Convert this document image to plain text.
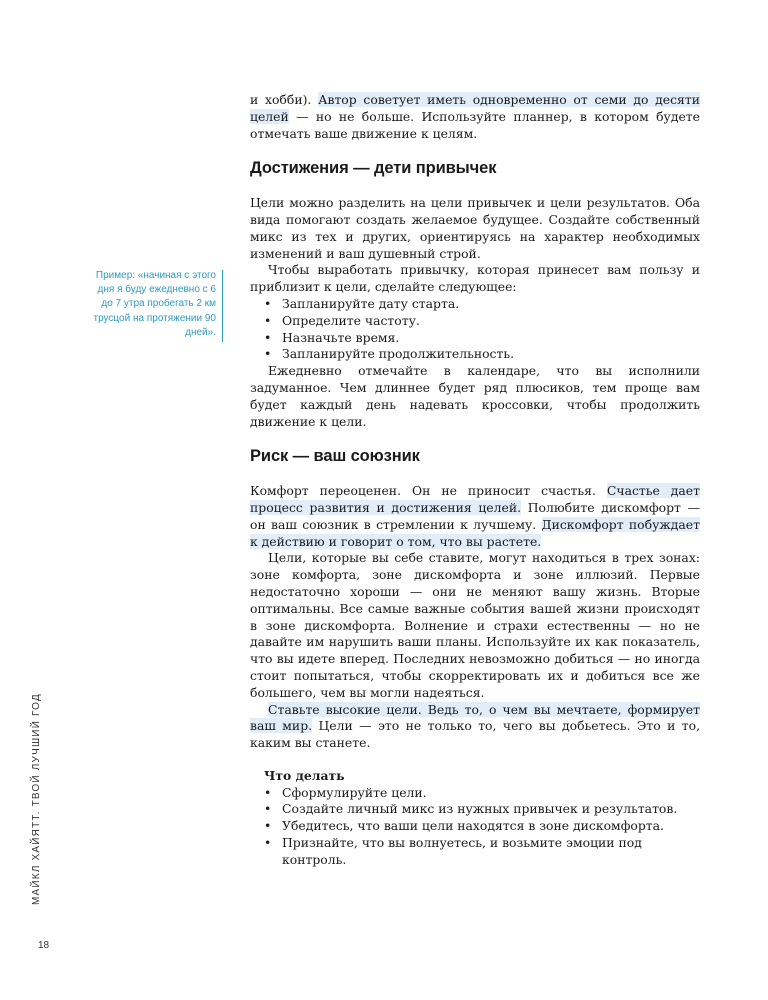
и хобби). Автор советует иметь одновременно от семи до десяти целей — но не больше. Используйте планнер, в котором будете отмечать ваше движение к целям.

Достижения — дети привычек

Цели можно разделить на цели привычек и цели результатов. Оба вида помогают создать желаемое будущее. Создайте собственный микс из тех и других, ориентируясь на характер необходимых изменений и ваш душевный строй.

Чтобы выработать привычку, которая принесет вам пользу и приблизит к цели, сделайте следующее:

• Запланируйте дату старта.
• Определите частоту.
• Назначьте время.
• Запланируйте продолжительность.

Ежедневно отмечайте в календаре, что вы исполнили задуманное. Чем длиннее будет ряд плюсиков, тем проще вам будет каждый день надевать кроссовки, чтобы продолжить движение к цели.

Риск — ваш союзник

Комфорт переоценен. Он не приносит счастья. Счастье дает процесс развития и достижения целей. Полюбите дискомфорт — он ваш союзник в стремлении к лучшему. Дискомфорт побуждает к действию и говорит о том, что вы растете.

Цели, которые вы себе ставите, могут находиться в трех зонах: зоне комфорта, зоне дискомфорта и зоне иллюзий. Первые недостаточно хороши — они не меняют вашу жизнь. Вторые оптимальны. Все самые важные события вашей жизни происходят в зоне дискомфорта. Волнение и страхи естественны — но не давайте им нарушить ваши планы. Используйте их как показатель, что вы идете вперед. Последних невозможно добиться — но иногда стоит попытаться, чтобы скорректировать их и добиться все же большего, чем вы могли надеяться.

Ставьте высокие цели. Ведь то, о чем вы мечтаете, формирует ваш мир. Цели — это не только то, чего вы добьетесь. Это и то, каким вы станете.

Что делать

• Сформулируйте цели.
• Создайте личный микс из нужных привычек и результатов.
• Убедитесь, что ваши цели находятся в зоне дискомфорта.
• Признайте, что вы волнуетесь, и возьмите эмоции под контроль.
Пример: «начиная с этого дня я буду ежедневно с 6 до 7 утра пробегать 2 км трусцой на протяжении 90 дней».
МАЙКЛ ХАЙЯТТ. ТВОЙ ЛУЧШИЙ ГОД
18
